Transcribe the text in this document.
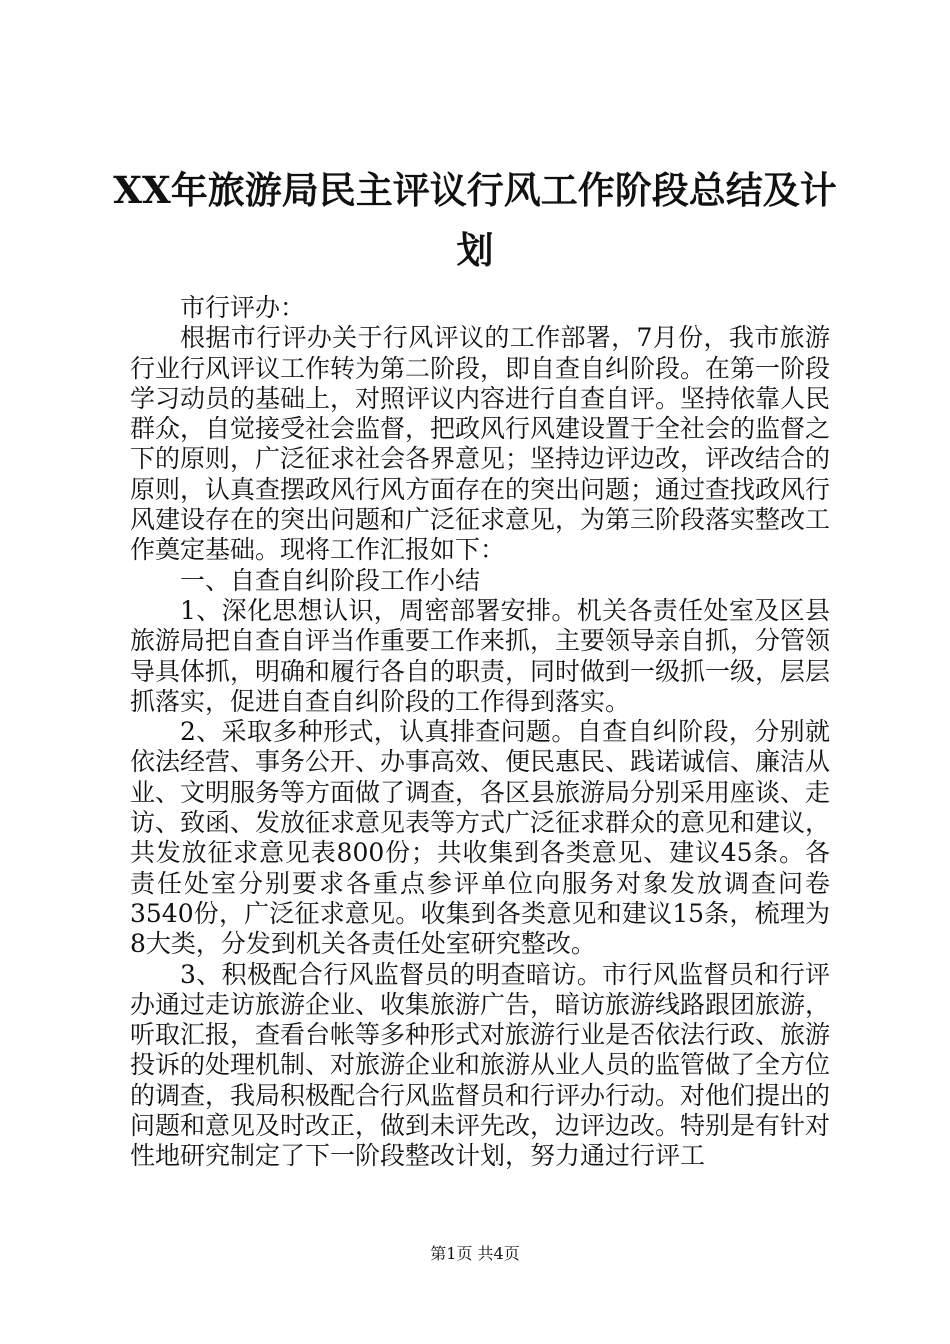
XX年旅游局民主评议行风工作阶段总结及计
划

市行评办：

根据市行评办关于行风评议的工作部署，7月份，我市旅游行业行风评议工作转为第二阶段，即自查自纠阶段。在第一阶段学习动员的基础上，对照评议内容进行自查自评。坚持依靠人民群众，自觉接受社会监督，把政风行风建设置于全社会的监督之下的原则，广泛征求社会各界意见；坚持边评边改，评改结合的原则，认真查摆政风行风方面存在的突出问题；通过查找政风行风建设存在的突出问题和广泛征求意见，为第三阶段落实整改工作奠定基础。现将工作汇报如下：

一、自查自纠阶段工作小结

1、深化思想认识，周密部署安排。机关各责任处室及区县旅游局把自查自评当作重要工作来抓，主要领导亲自抓，分管领导具体抓，明确和履行各自的职责，同时做到一级抓一级，层层抓落实，促进自查自纠阶段的工作得到落实。

2、采取多种形式，认真排查问题。自查自纠阶段，分别就依法经营、事务公开、办事高效、便民惠民、践诺诚信、廉洁从业、文明服务等方面做了调查，各区县旅游局分别采用座谈、走访、致函、发放征求意见表等方式广泛征求群众的意见和建议，共发放征求意见表800份；共收集到各类意见、建议45条。各责任处室分别要求各重点参评单位向服务对象发放调查问卷3540份，广泛征求意见。收集到各类意见和建议15条，梳理为8大类，分发到机关各责任处室研究整改。

3、积极配合行风监督员的明查暗访。市行风监督员和行评办通过走访旅游企业、收集旅游广告，暗访旅游线路跟团旅游，听取汇报，查看台帐等多种形式对旅游行业是否依法行政、旅游投诉的处理机制、对旅游企业和旅游从业人员的监管做了全方位的调查，我局积极配合行风监督员和行评办行动。对他们提出的问题和意见及时改正，做到未评先改，边评边改。特别是有针对性地研究制定了下一阶段整改计划，努力通过行评工

第1页 共4页
